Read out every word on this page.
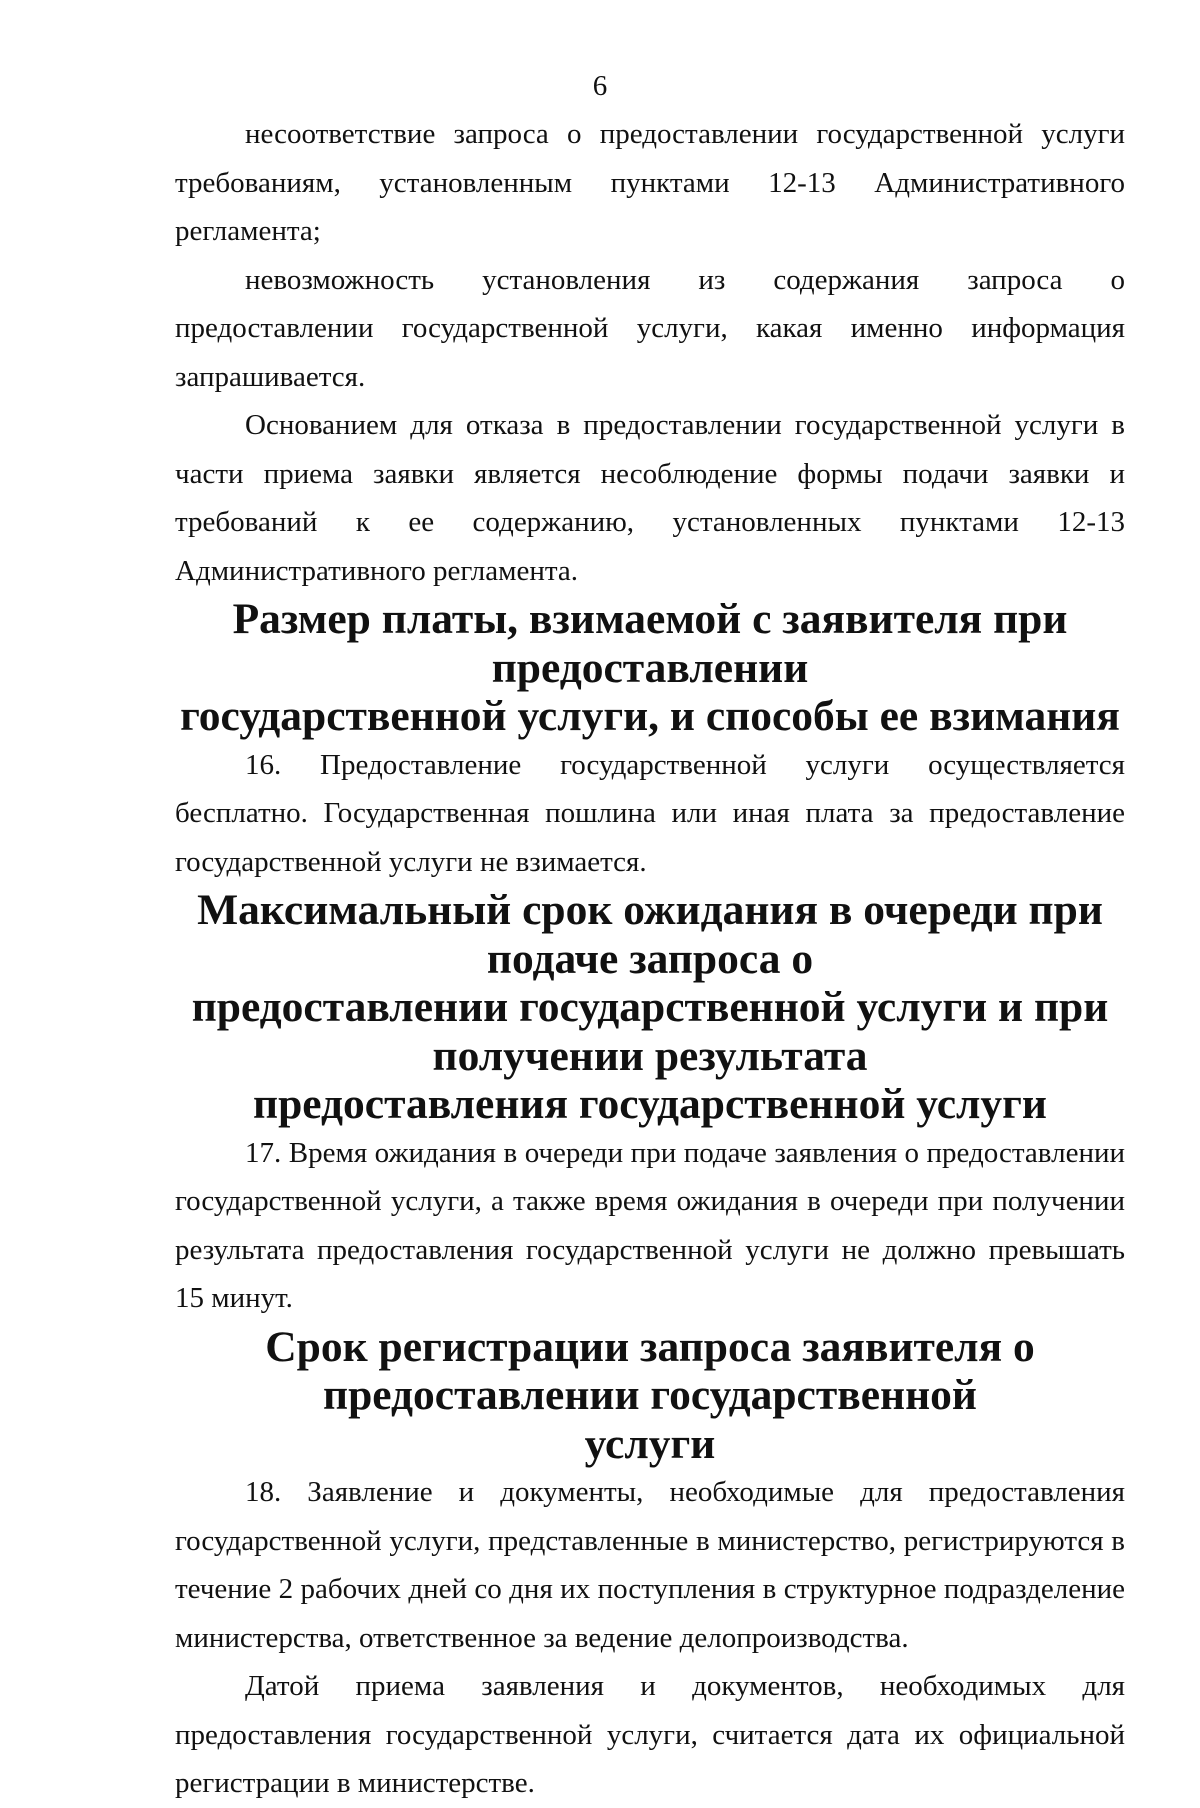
6

несоответствие запроса о предоставлении государственной услуги требованиям, установленным пунктами 12-13 Административного регламента;

невозможность установления из содержания запроса о предоставлении государственной услуги, какая именно информация запрашивается.

Основанием для отказа в предоставлении государственной услуги в части приема заявки является несоблюдение формы подачи заявки и требований к ее содержанию, установленных пунктами 12-13 Административного регламента.

Размер платы, взимаемой с заявителя при предоставлении
государственной услуги, и способы ее взимания

16. Предоставление государственной услуги осуществляется бесплатно. Государственная пошлина или иная плата за предоставление государственной услуги не взимается.

Максимальный срок ожидания в очереди при подаче запроса о
предоставлении государственной услуги и при получении результата
предоставления государственной услуги

17. Время ожидания в очереди при подаче заявления о предоставлении государственной услуги, а также время ожидания в очереди при получении результата предоставления государственной услуги не должно превышать 15 минут.

Срок регистрации запроса заявителя о предоставлении государственной
услуги

18. Заявление и документы, необходимые для предоставления государственной услуги, представленные в министерство, регистрируются в течение 2 рабочих дней со дня их поступления в структурное подразделение министерства, ответственное за ведение делопроизводства.

Датой приема заявления и документов, необходимых для предоставления государственной услуги, считается дата их официальной регистрации в министерстве.
